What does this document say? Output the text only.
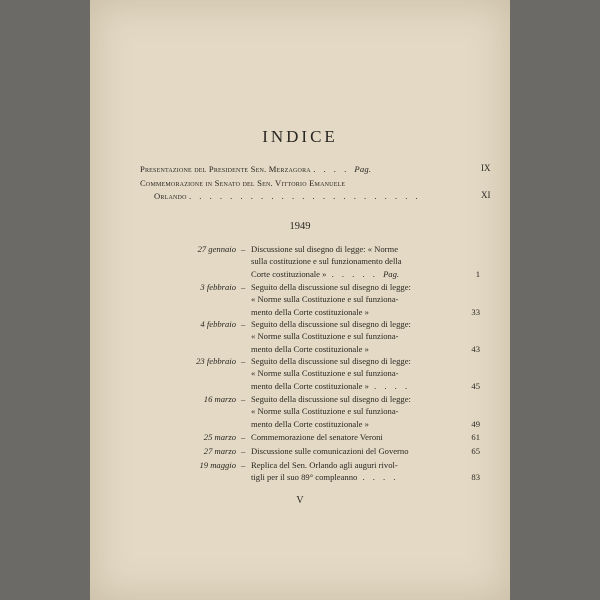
INDICE
Presentazione del Presidente Sen. Merzagora . . . . Pag.	IX
Commemorazione in Senato del Sen. Vittorio Emanuele
Orlando . . . . . . . . . . . . . . . . . . . . . . .	XI
1949
27 gennaio – Discussione sul disegno di legge: « Norme
sulla costituzione e sul funzionamento della
Corte costituzionale » . . . . . Pag.	1
3 febbraio – Seguito della discussione sul disegno di legge:
« Norme sulla Costituzione e sul funziona-
mento della Corte costituzionale »	33
4 febbraio – Seguito della discussione sul disegno di legge:
« Norme sulla Costituzione e sul funziona-
mento della Corte costituzionale »	43
23 febbraio – Seguito della discussione sul disegno di legge:
« Norme sulla Costituzione e sul funziona-
mento della Corte costituzionale » . . . .	45
16 marzo – Seguito della discussione sul disegno di legge:
« Norme sulla Costituzione e sul funziona-
mento della Corte costituzionale »	49
25 marzo – Commemorazione del senatore Veroni	61
27 marzo – Discussione sulle comunicazioni del Governo	65
19 maggio – Replica del Sen. Orlando agli auguri rivol-
tigli per il suo 89° compleanno . . . .	83
V
